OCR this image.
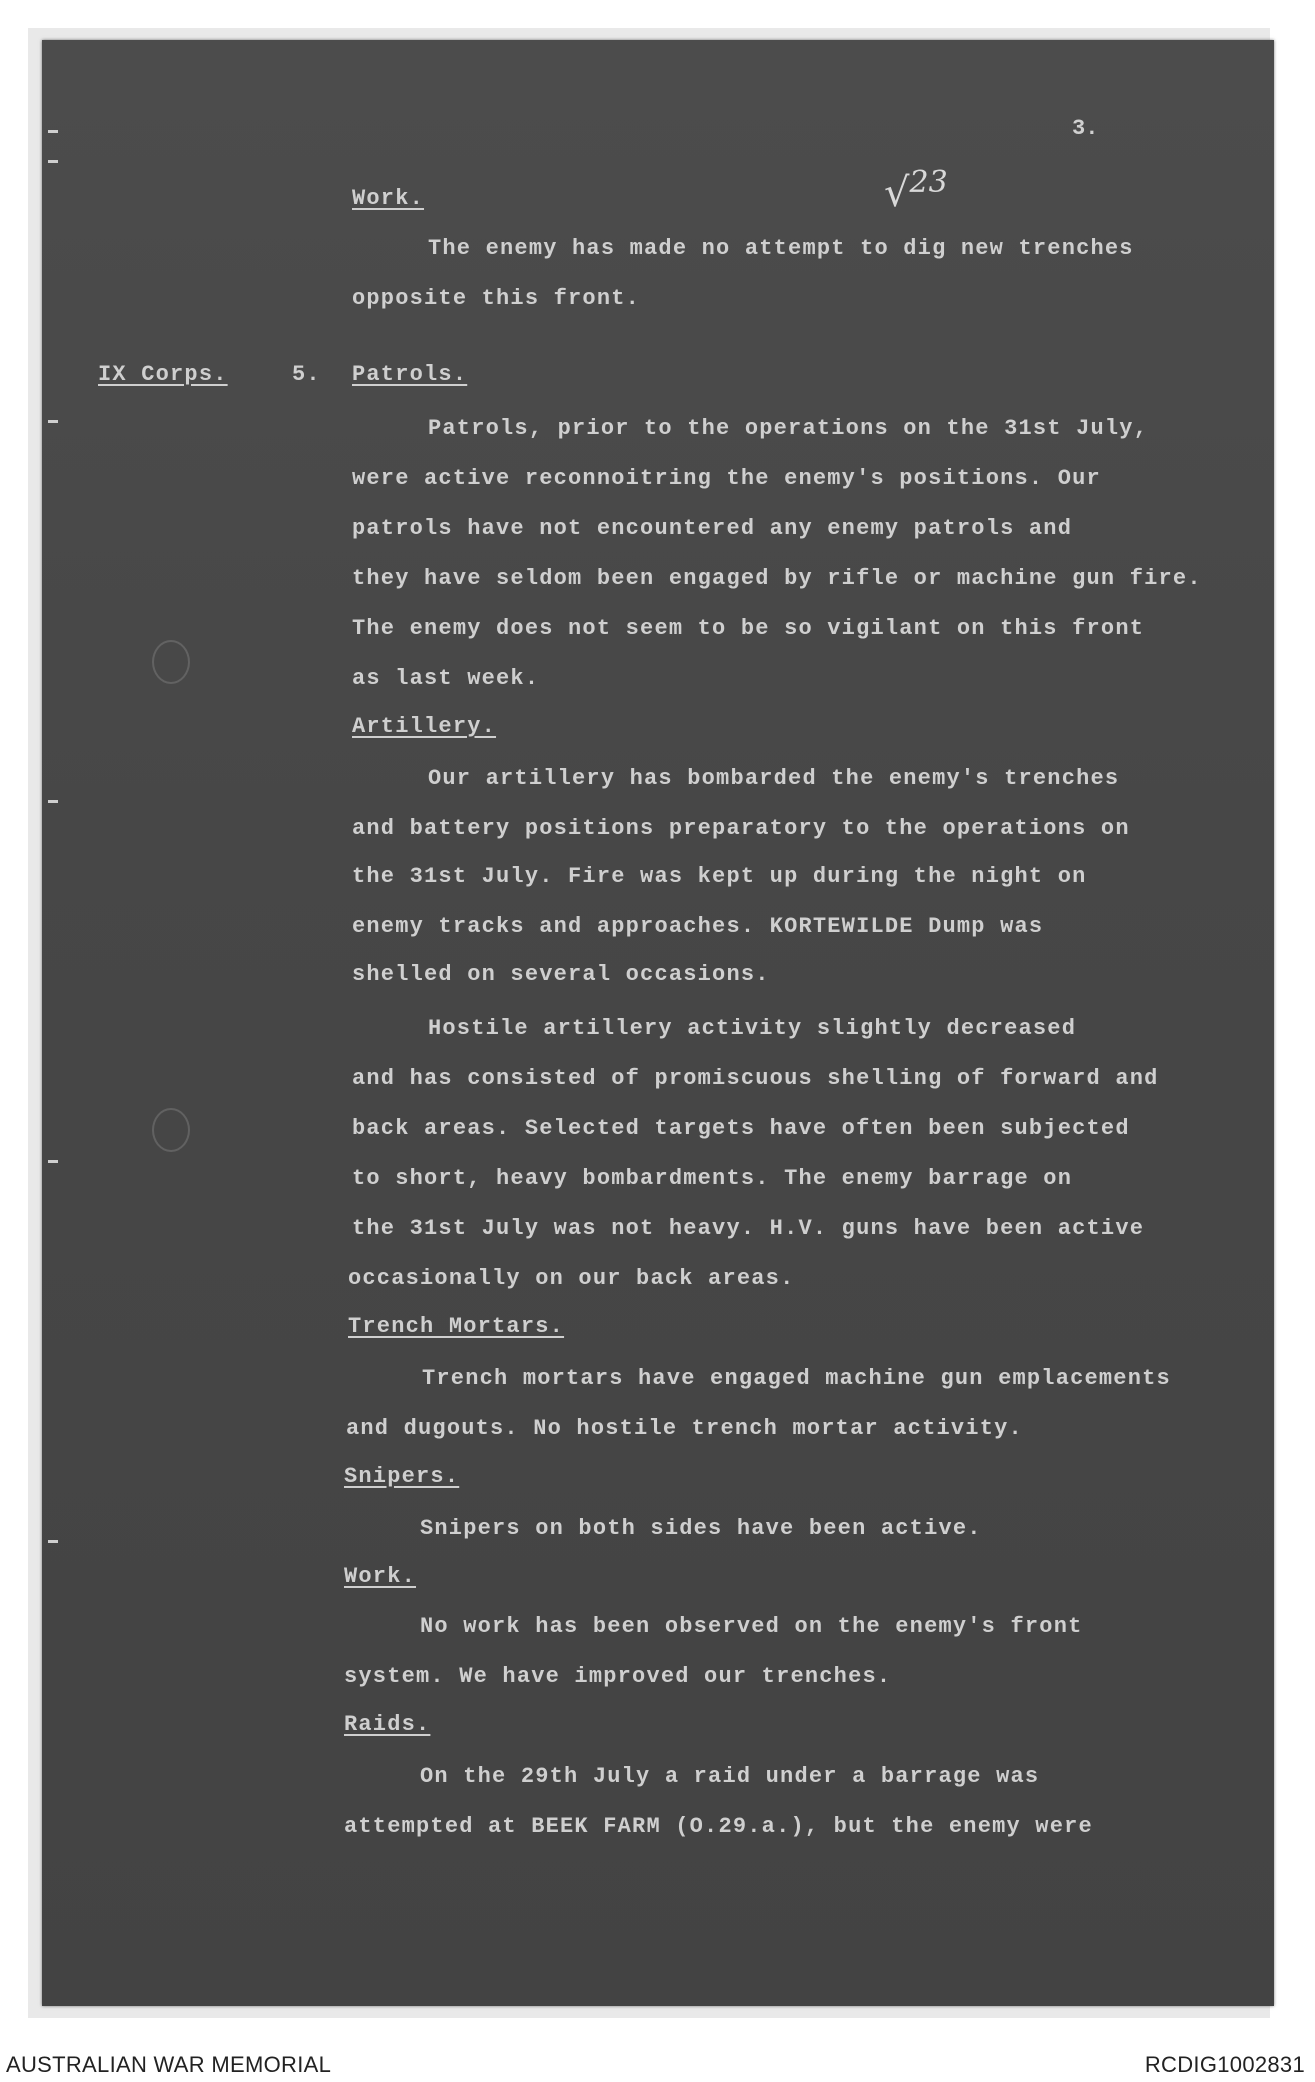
3.
√$^{23}$
Work.
The enemy has made no attempt to dig new trenches
opposite this front.
IX Corps.	5. Patrols.
Patrols, prior to the operations on the 31st July,
were active reconnoitring the enemy's positions. Our
patrols have not encountered any enemy patrols and
they have seldom been engaged by rifle or machine gun fire.
The enemy does not seem to be so vigilant on this front
as last week.
Artillery.
Our artillery has bombarded the enemy's trenches
and battery positions preparatory to the operations on
the 31st July. Fire was kept up during the night on
enemy tracks and approaches. KORTEWILDE Dump was
shelled on several occasions.
Hostile artillery activity slightly decreased
and has consisted of promiscuous shelling of forward and
back areas. Selected targets have often been subjected
to short, heavy bombardments. The enemy barrage on
the 31st July was not heavy. H.V. guns have been active
occasionally on our back areas.
Trench Mortars.
Trench mortars have engaged machine gun emplacements
and dugouts. No hostile trench mortar activity.
Snipers.
Snipers on both sides have been active.
Work.
No work has been observed on the enemy's front
system. We have improved our trenches.
Raids.
On the 29th July a raid under a barrage was
attempted at BEEK FARM (O.29.a.), but the enemy were
AUSTRALIAN WAR MEMORIAL	RCDIG1002831
